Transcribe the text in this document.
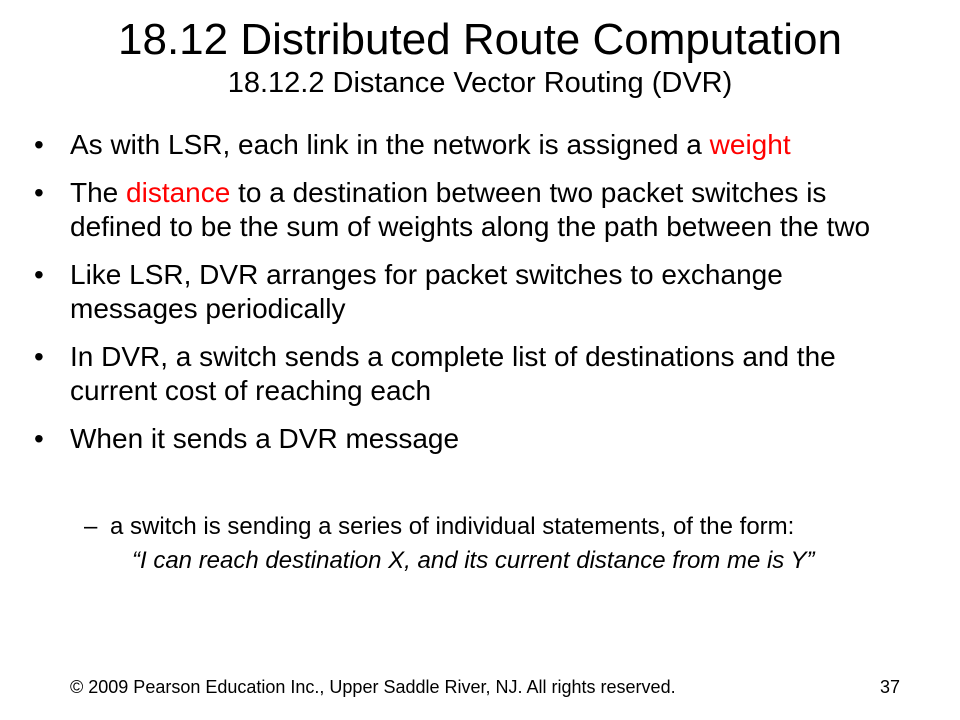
18.12 Distributed Route Computation
18.12.2 Distance Vector Routing (DVR)
• As with LSR, each link in the network is assigned a weight
• The distance to a destination between two packet switches is defined to be the sum of weights along the path between the two
• Like LSR, DVR arranges for packet switches to exchange messages periodically
• In DVR, a switch sends a complete list of destinations and the current cost of reaching each
• When it sends a DVR message
– a switch is sending a series of individual statements, of the form:
“I can reach destination X, and its current distance from me is Y”
© 2009 Pearson Education Inc., Upper Saddle River, NJ. All rights reserved.	37
